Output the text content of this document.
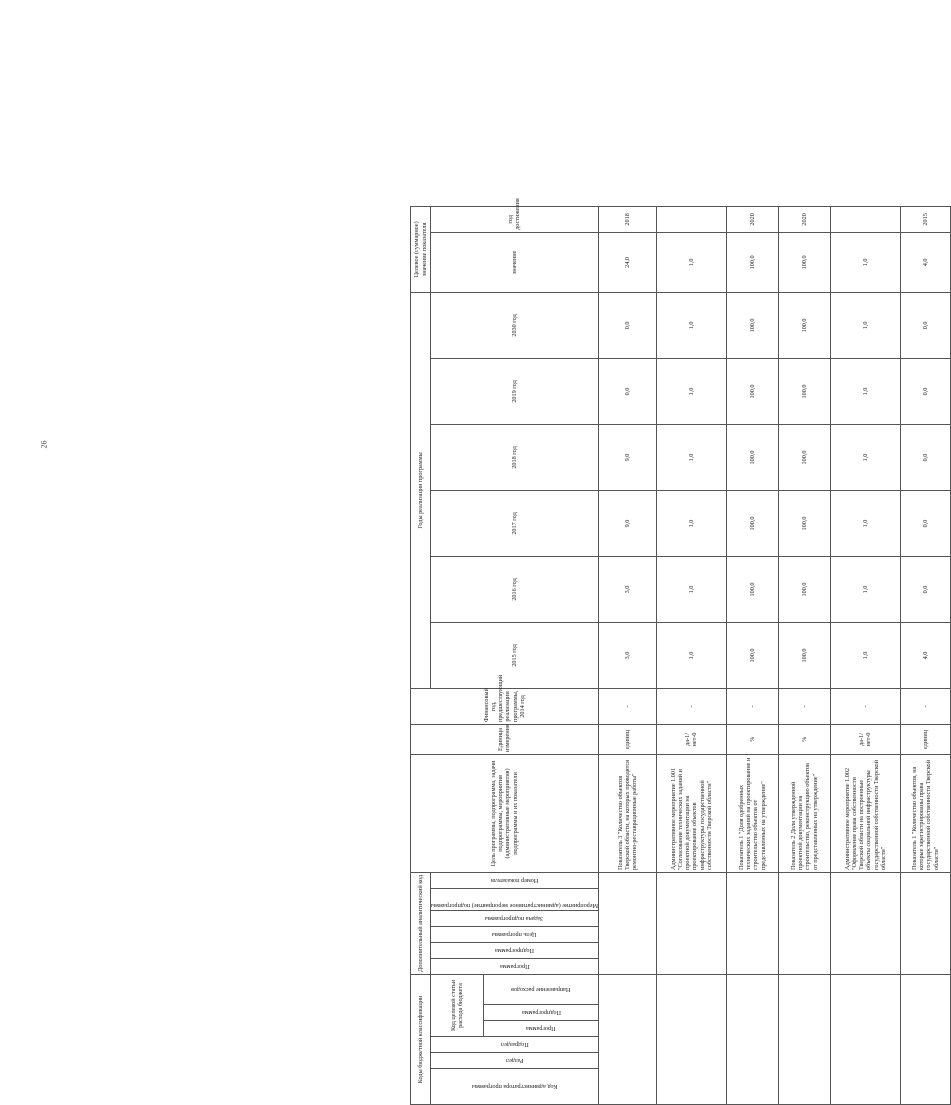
26
Коды бюджетной классификации						Дополнительный аналитический код						Цель программы, подпрограмма, задачи подпрограммы, мероприятия (административные мероприятия) подпрограммы и их показатели	Единица измерения	Финансовый год, предшествующий реализации программы, 2014 год	Годы реализации программы						Целевое (суммарное) значение показателя	

Код администратора программы	Раздел	Подраздел	Код целевой статьи расхода бюджета			Программа	Подпрограмма	Цель программы	Задача подпрограммы	Мероприятие (административное мероприятие) подпрограммы	Номер показателя				2015 год	2016 год	2017 год	2018 год	2019 год	2030 год	значение	год достижения

			Программа	Подпрограмма	Направление расходов																	

												Показатель 3 "Количество объектов Тверской области, на которых проводятся ремонтно-реставрационные работы"	единиц	-	3,0	3,0	9,0	9,0	0,0	0,0	24,0	2018
												Административное мероприятие 1.001 "Согласование технических заданий и проектной документации на проектирование объектов инфраструктуры государственной собственности Тверской области"	да-1/ нет-0	-	1,0	1,0	1,0	1,0	1,0	1,0	1,0	
												Показатель 1 "Доля одобренных технических заданий на проектирование и строительство объектов от представленных на утверждение"	%	-	100,0	100,0	100,0	100,0	100,0	100,0	100,0	2020
												Показатель 2 Доля утвержденной проектной документации на строительство, реконструкцию объектов от представленных на утверждение"	%	-	100,0	100,0	100,0	100,0	100,0	100,0	100,0	2020
												Административное мероприятие 1.002 "Оформление права собственности Тверской области на построенные объекты социальной инфраструктуры государственной собственности Тверской области"	да-1/ нет-0	-	1,0	1,0	1,0	1,0	1,0	1,0	1,0	
												Показатель 1 "Количество объектов, на которые зарегистрированы права государственной собственности Тверской области"	единиц	-	4,0	0,0	0,0	0,0	0,0	0,0	4,0	2015
